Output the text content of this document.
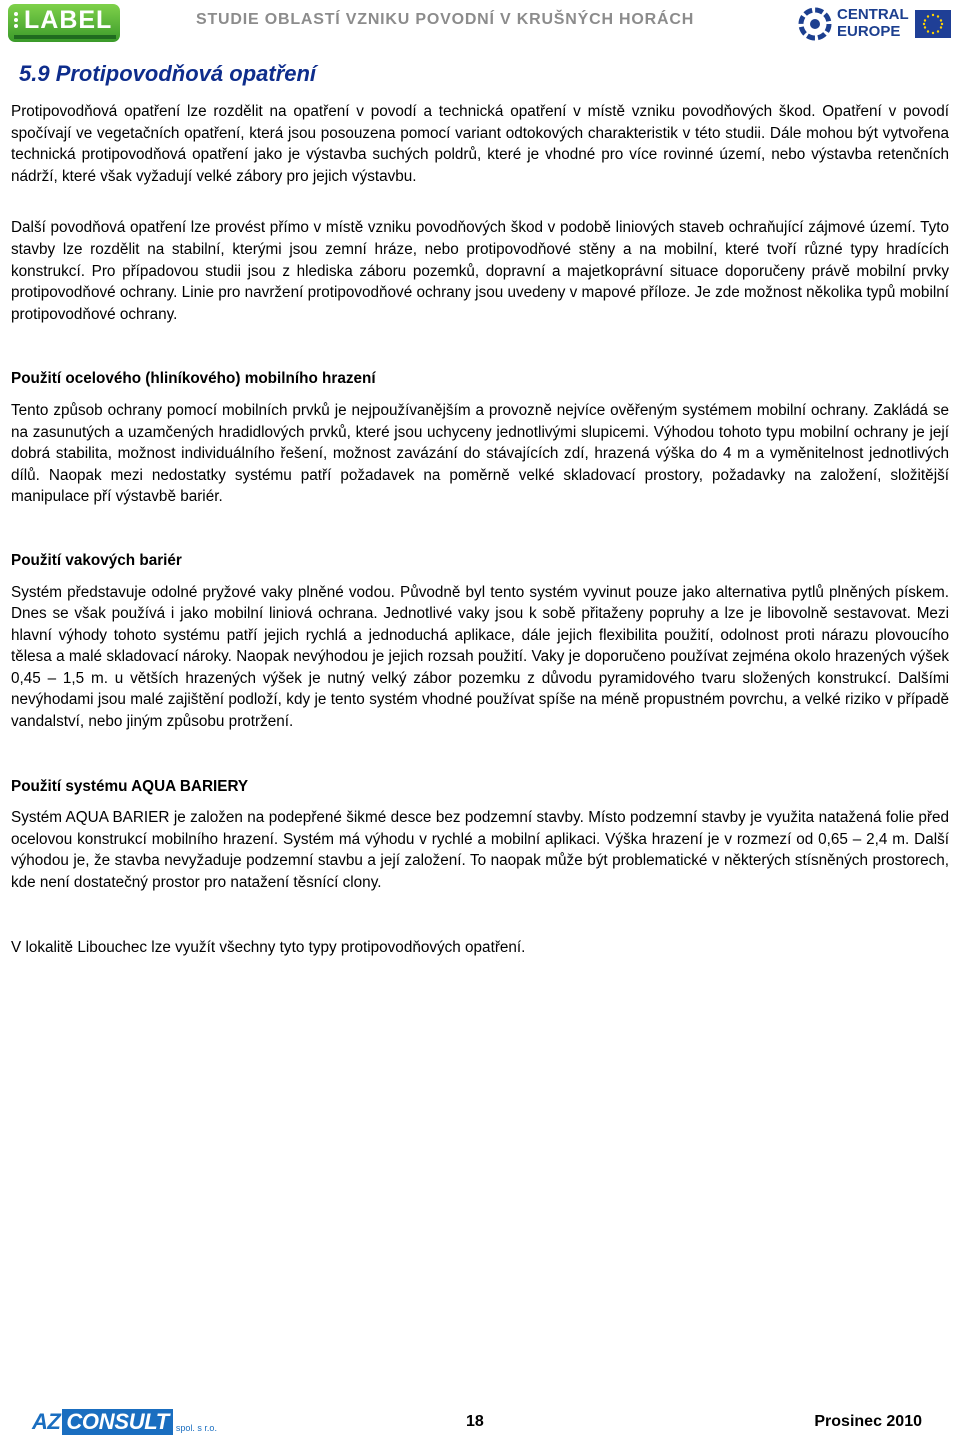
LABEL	STUDIE OBLASTÍ VZNIKU POVODNÍ V KRUŠNÝCH HORÁCH	CENTRAL
EUROPE
5.9 Protipovodňová opatření

Protipovodňová opatření lze rozdělit na opatření v povodí a technická opatření v místě vzniku povodňových škod. Opatření v povodí spočívají ve vegetačních opatření, která jsou posouzena pomocí variant odtokových charakteristik v této studii. Dále mohou být vytvořena technická protipovodňová opatření jako je výstavba suchých poldrů, které je vhodné pro více rovinné území, nebo výstavba retenčních nádrží, které však vyžadují velké zábory pro jejich výstavbu.

Další povodňová opatření lze provést přímo v místě vzniku povodňových škod v podobě liniových staveb ochraňující zájmové území. Tyto stavby lze rozdělit na stabilní, kterými jsou zemní hráze, nebo protipovodňové stěny a na mobilní, které tvoří různé typy hradících konstrukcí. Pro případovou studii jsou z hlediska záboru pozemků, dopravní a majetkoprávní situace doporučeny právě mobilní prvky protipovodňové ochrany. Linie pro navržení protipovodňové ochrany jsou uvedeny v mapové příloze. Je zde možnost několika typů mobilní protipovodňové ochrany.

Použití ocelového (hliníkového) mobilního hrazení

Tento způsob ochrany pomocí mobilních prvků je nejpoužívanějším a provozně nejvíce ověřeným systémem mobilní ochrany. Zakládá se na zasunutých a uzamčených hradidlových prvků, které jsou uchyceny jednotlivými slupicemi. Výhodou tohoto typu mobilní ochrany je její dobrá stabilita, možnost individuálního řešení, možnost zavázání do stávajících zdí, hrazená výška do 4 m a vyměnitelnost jednotlivých dílů. Naopak mezi nedostatky systému patří požadavek na poměrně velké skladovací prostory, požadavky na založení, složitější manipulace pří výstavbě bariér.

Použití vakových bariér

Systém představuje odolné pryžové vaky plněné vodou. Původně byl tento systém vyvinut pouze jako alternativa pytlů plněných pískem. Dnes se však používá i jako mobilní liniová ochrana. Jednotlivé vaky jsou k sobě přitaženy popruhy a lze je libovolně sestavovat. Mezi hlavní výhody tohoto systému patří jejich rychlá a jednoduchá aplikace, dále jejich flexibilita použití, odolnost proti nárazu plovoucího tělesa a malé skladovací nároky. Naopak nevýhodou je jejich rozsah použití. Vaky je doporučeno používat zejména okolo hrazených výšek 0,45 – 1,5 m. u větších hrazených výšek je nutný velký zábor pozemku z důvodu pyramidového tvaru složených konstrukcí. Dalšími nevýhodami jsou malé zajištění podloží, kdy je tento systém vhodné používat spíše na méně propustném povrchu, a velké riziko v případě vandalství, nebo jiným způsobu protržení.

Použití systému AQUA BARIERY

Systém AQUA BARIER je založen na podepřené šikmé desce bez podzemní stavby. Místo podzemní stavby je využita natažená folie před ocelovou konstrukcí mobilního hrazení. Systém má výhodu v rychlé a mobilní aplikaci. Výška hrazení je v rozmezí od 0,65 – 2,4 m. Další výhodou je, že stavba nevyžaduje podzemní stavbu a její založení. To naopak může být problematické v některých stísněných prostorech, kde není dostatečný prostor pro natažení těsnící clony.

V lokalitě Libouchec lze využít všechny tyto typy protipovodňových opatření.

AZ CONSULT spol. s r.o.	18	Prosinec 2010
